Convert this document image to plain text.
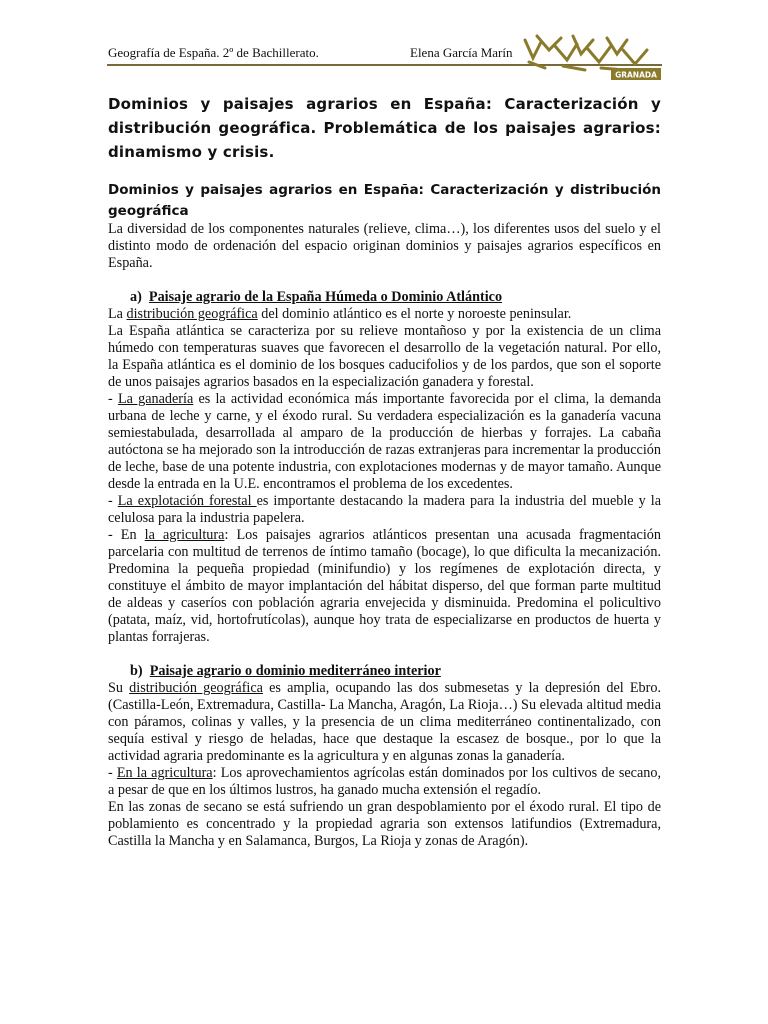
Geografía de España. 2º de Bachillerato.	Elena García Marín
GRANADA
Dominios y paisajes agrarios en España: Caracterización y distribución geográfica. Problemática de los paisajes agrarios: dinamismo y crisis.
Dominios y paisajes agrarios en España: Caracterización y distribución geográfica

La diversidad de los componentes naturales (relieve, clima…), los diferentes usos del suelo y el distinto modo de ordenación del espacio originan dominios y paisajes agrarios específicos en España.

a) Paisaje agrario de la España Húmeda o Dominio Atlántico

La distribución geográfica del dominio atlántico es el norte y noroeste peninsular.

La España atlántica se caracteriza por su relieve montañoso y por la existencia de un clima húmedo con temperaturas suaves que favorecen el desarrollo de la vegetación natural. Por ello, la España atlántica es el dominio de los bosques caducifolios y de los pardos, que son el soporte de unos paisajes agrarios basados en la especialización ganadera y forestal.

- La ganadería es la actividad económica más importante favorecida por el clima, la demanda urbana de leche y carne, y el éxodo rural. Su verdadera especialización es la ganadería vacuna semiestabulada, desarrollada al amparo de la producción de hierbas y forrajes. La cabaña autóctona se ha mejorado son la introducción de razas extranjeras para incrementar la producción de leche, base de una potente industria, con explotaciones modernas y de mayor tamaño. Aunque desde la entrada en la U.E. encontramos el problema de los excedentes.

- La explotación forestal es importante destacando la madera para la industria del mueble y la celulosa para la industria papelera.

- En la agricultura: Los paisajes agrarios atlánticos presentan una acusada fragmentación parcelaria con multitud de terrenos de íntimo tamaño (bocage), lo que dificulta la mecanización. Predomina la pequeña propiedad (minifundio) y los regímenes de explotación directa, y constituye el ámbito de mayor implantación del hábitat disperso, del que forman parte multitud de aldeas y caseríos con población agraria envejecida y disminuida. Predomina el policultivo (patata, maíz, vid, hortofrutícolas), aunque hoy trata de especializarse en productos de huerta y plantas forrajeras.

b) Paisaje agrario o dominio mediterráneo interior

Su distribución geográfica es amplia, ocupando las dos submesetas y la depresión del Ebro. (Castilla-León, Extremadura, Castilla- La Mancha, Aragón, La Rioja…) Su elevada altitud media con páramos, colinas y valles, y la presencia de un clima mediterráneo continentalizado, con sequía estival y riesgo de heladas, hace que destaque la escasez de bosque., por lo que la actividad agraria predominante es la agricultura y en algunas zonas la ganadería.

- En la agricultura: Los aprovechamientos agrícolas están dominados por los cultivos de secano, a pesar de que en los últimos lustros, ha ganado mucha extensión el regadío.

En las zonas de secano se está sufriendo un gran despoblamiento por el éxodo rural. El tipo de poblamiento es concentrado y la propiedad agraria son extensos latifundios (Extremadura, Castilla la Mancha y en Salamanca, Burgos, La Rioja y zonas de Aragón).
